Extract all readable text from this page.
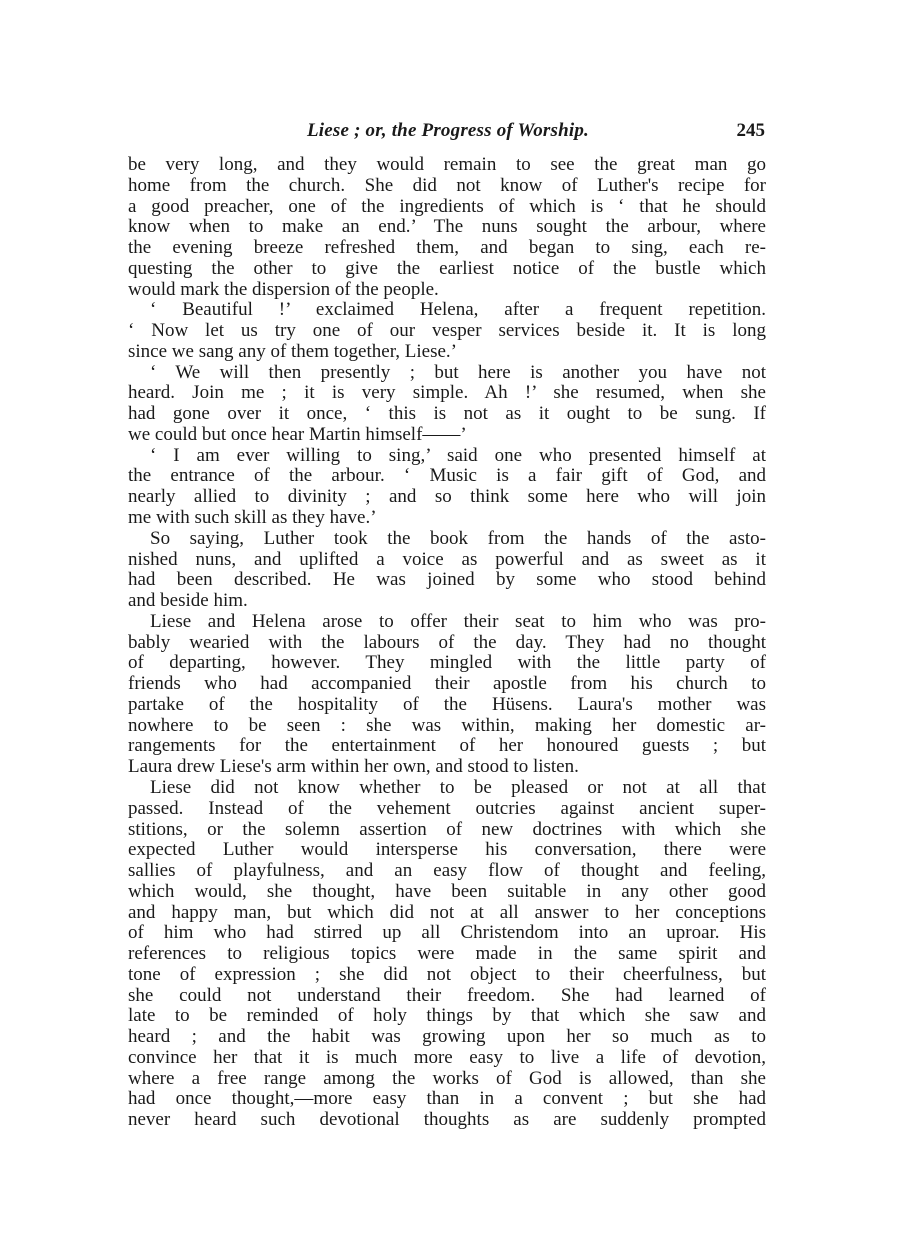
Liese ; or, the Progress of Worship.	245
be very long, and they would remain to see the great man go
home from the church. She did not know of Luther's recipe for
a good preacher, one of the ingredients of which is ‘ that he should
know when to make an end.’ The nuns sought the arbour, where
the evening breeze refreshed them, and began to sing, each re-
questing the other to give the earliest notice of the bustle which
would mark the dispersion of the people.
‘ Beautiful !’ exclaimed Helena, after a frequent repetition.
‘ Now let us try one of our vesper services beside it. It is long
since we sang any of them together, Liese.’
‘ We will then presently ; but here is another you have not
heard. Join me ; it is very simple. Ah !’ she resumed, when she
had gone over it once, ‘ this is not as it ought to be sung. If
we could but once hear Martin himself——’
‘ I am ever willing to sing,’ said one who presented himself at
the entrance of the arbour. ‘ Music is a fair gift of God, and
nearly allied to divinity ; and so think some here who will join
me with such skill as they have.’
So saying, Luther took the book from the hands of the asto-
nished nuns, and uplifted a voice as powerful and as sweet as it
had been described. He was joined by some who stood behind
and beside him.
Liese and Helena arose to offer their seat to him who was pro-
bably wearied with the labours of the day. They had no thought
of departing, however. They mingled with the little party of
friends who had accompanied their apostle from his church to
partake of the hospitality of the Hüsens. Laura's mother was
nowhere to be seen : she was within, making her domestic ar-
rangements for the entertainment of her honoured guests ; but
Laura drew Liese's arm within her own, and stood to listen.
Liese did not know whether to be pleased or not at all that
passed. Instead of the vehement outcries against ancient super-
stitions, or the solemn assertion of new doctrines with which she
expected Luther would intersperse his conversation, there were
sallies of playfulness, and an easy flow of thought and feeling,
which would, she thought, have been suitable in any other good
and happy man, but which did not at all answer to her conceptions
of him who had stirred up all Christendom into an uproar. His
references to religious topics were made in the same spirit and
tone of expression ; she did not object to their cheerfulness, but
she could not understand their freedom. She had learned of
late to be reminded of holy things by that which she saw and
heard ; and the habit was growing upon her so much as to
convince her that it is much more easy to live a life of devotion,
where a free range among the works of God is allowed, than she
had once thought,—more easy than in a convent ; but she had
never heard such devotional thoughts as are suddenly prompted
